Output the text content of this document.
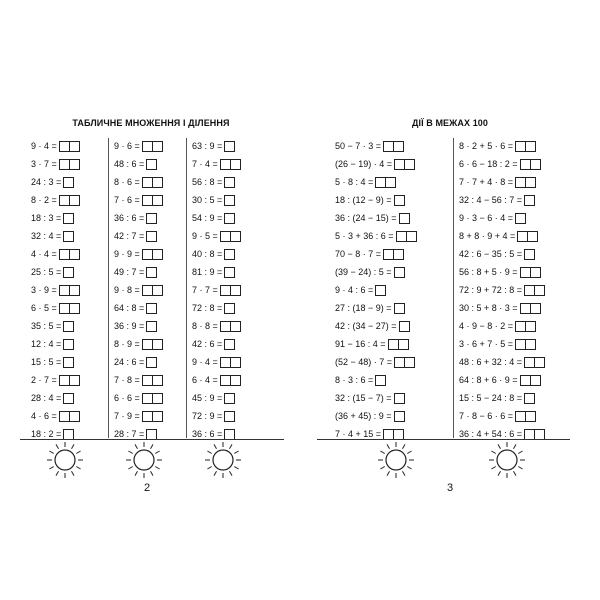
ТАБЛИЧНЕ МНОЖЕННЯ І ДІЛЕННЯ
9 · 4 =
3 · 7 =
24 : 3 =
8 · 2 =
18 : 3 =
32 : 4 =
4 · 4 =
25 : 5 =
3 · 9 =
6 · 5 =
35 : 5 =
12 : 4 =
15 : 5 =
2 · 7 =
28 : 4 =
4 · 6 =
18 : 2 =
9 · 6 =
48 : 6 =
8 · 6 =
7 · 6 =
36 : 6 =
42 : 7 =
9 · 9 =
49 : 7 =
9 · 8 =
64 : 8 =
36 : 9 =
8 · 9 =
24 : 6 =
7 · 8 =
6 · 6 =
7 · 9 =
28 : 7 =
63 : 9 =
7 · 4 =
56 : 8 =
30 : 5 =
54 : 9 =
9 · 5 =
40 : 8 =
81 : 9 =
7 · 7 =
72 : 8 =
8 · 8 =
42 : 6 =
9 · 4 =
6 · 4 =
45 : 9 =
72 : 9 =
36 : 6 =
2
ДІЇ В МЕЖАХ 100
50 − 7 · 3 =
(26 − 19) · 4 =
5 · 8 : 4 =
18 : (12 − 9) =
36 : (24 − 15) =
5 · 3 + 36 : 6 =
70 − 8 · 7 =
(39 − 24) : 5 =
9 · 4 : 6 =
27 : (18 − 9) =
42 : (34 − 27) =
91 − 16 : 4 =
(52 − 48) · 7 =
8 · 3 : 6 =
32 : (15 − 7) =
(36 + 45) : 9 =
7 · 4 + 15 =
8 · 2 + 5 · 6 =
6 · 6 − 18 : 2 =
7 · 7 + 4 · 8 =
32 : 4 − 56 : 7 =
9 · 3 − 6 · 4 =
8 + 8 · 9 + 4 =
42 : 6 − 35 : 5 =
56 : 8 + 5 · 9 =
72 : 9 + 72 : 8 =
30 : 5 + 8 · 3 =
4 · 9 − 8 · 2 =
3 · 6 + 7 · 5 =
48 : 6 + 32 : 4 =
64 : 8 + 6 · 9 =
15 : 5 − 24 : 8 =
7 · 8 − 6 · 6 =
36 : 4 + 54 : 6 =
3
